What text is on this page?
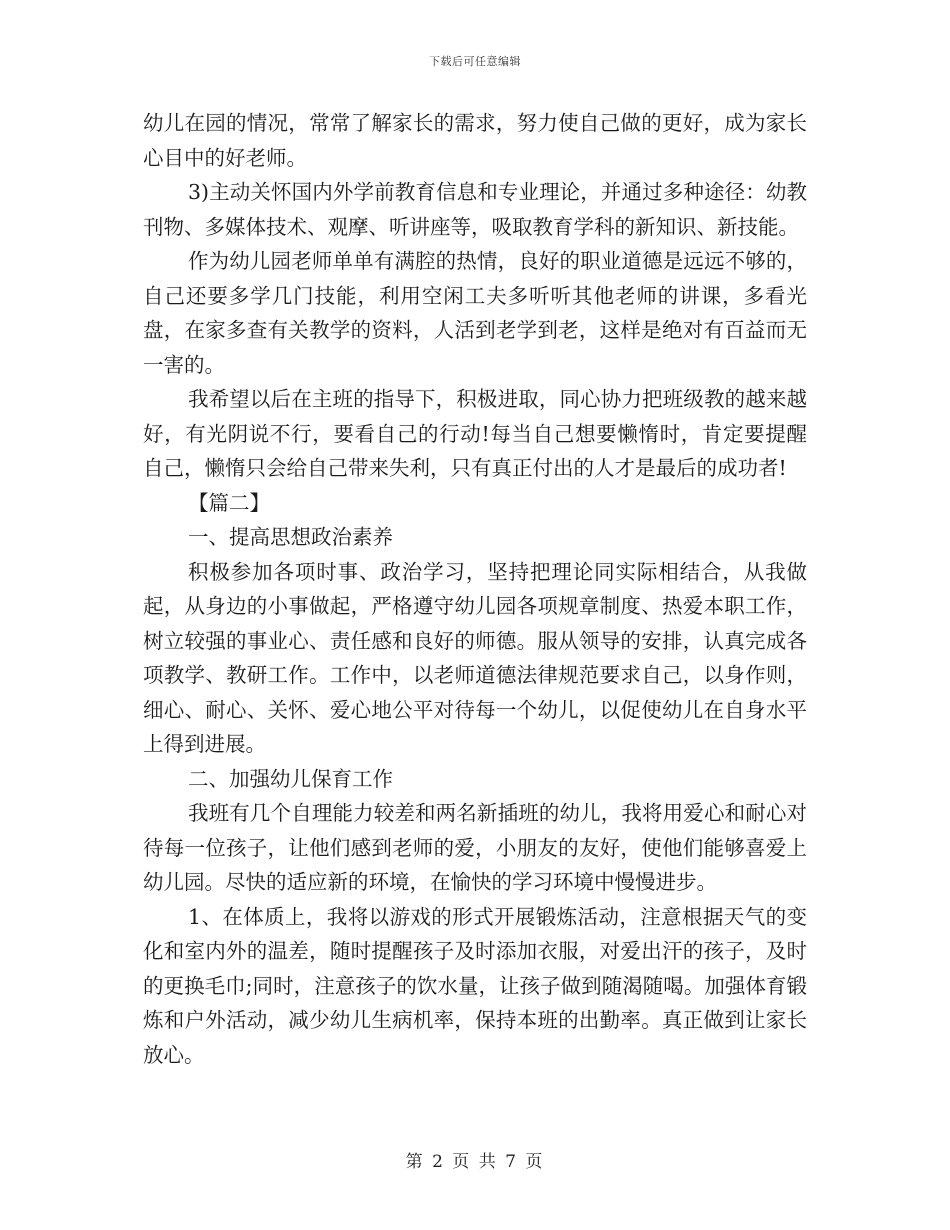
下载后可任意编辑

幼儿在园的情况，常常了解家长的需求，努力使自己做的更好，成为家长心目中的好老师。

3)主动关怀国内外学前教育信息和专业理论，并通过多种途径：幼教刊物、多媒体技术、观摩、听讲座等，吸取教育学科的新知识、新技能。

作为幼儿园老师单单有满腔的热情，良好的职业道德是远远不够的，自己还要多学几门技能，利用空闲工夫多听听其他老师的讲课，多看光盘，在家多查有关教学的资料，人活到老学到老，这样是绝对有百益而无一害的。

我希望以后在主班的指导下，积极进取，同心协力把班级教的越来越好，有光阴说不行，要看自己的行动!每当自己想要懒惰时，肯定要提醒自己，懒惰只会给自己带来失利，只有真正付出的人才是最后的成功者!

【篇二】

一、提高思想政治素养

积极参加各项时事、政治学习，坚持把理论同实际相结合，从我做起，从身边的小事做起，严格遵守幼儿园各项规章制度、热爱本职工作，树立较强的事业心、责任感和良好的师德。服从领导的安排，认真完成各项教学、教研工作。工作中，以老师道德法律规范要求自己，以身作则，细心、耐心、关怀、爱心地公平对待每一个幼儿，以促使幼儿在自身水平上得到进展。

二、加强幼儿保育工作

我班有几个自理能力较差和两名新插班的幼儿，我将用爱心和耐心对待每一位孩子，让他们感到老师的爱，小朋友的友好，使他们能够喜爱上幼儿园。尽快的适应新的环境，在愉快的学习环境中慢慢进步。

1、在体质上，我将以游戏的形式开展锻炼活动，注意根据天气的变化和室内外的温差，随时提醒孩子及时添加衣服，对爱出汗的孩子，及时的更换毛巾;同时，注意孩子的饮水量，让孩子做到随渴随喝。加强体育锻炼和户外活动，减少幼儿生病机率，保持本班的出勤率。真正做到让家长放心。

第 2 页 共 7 页
